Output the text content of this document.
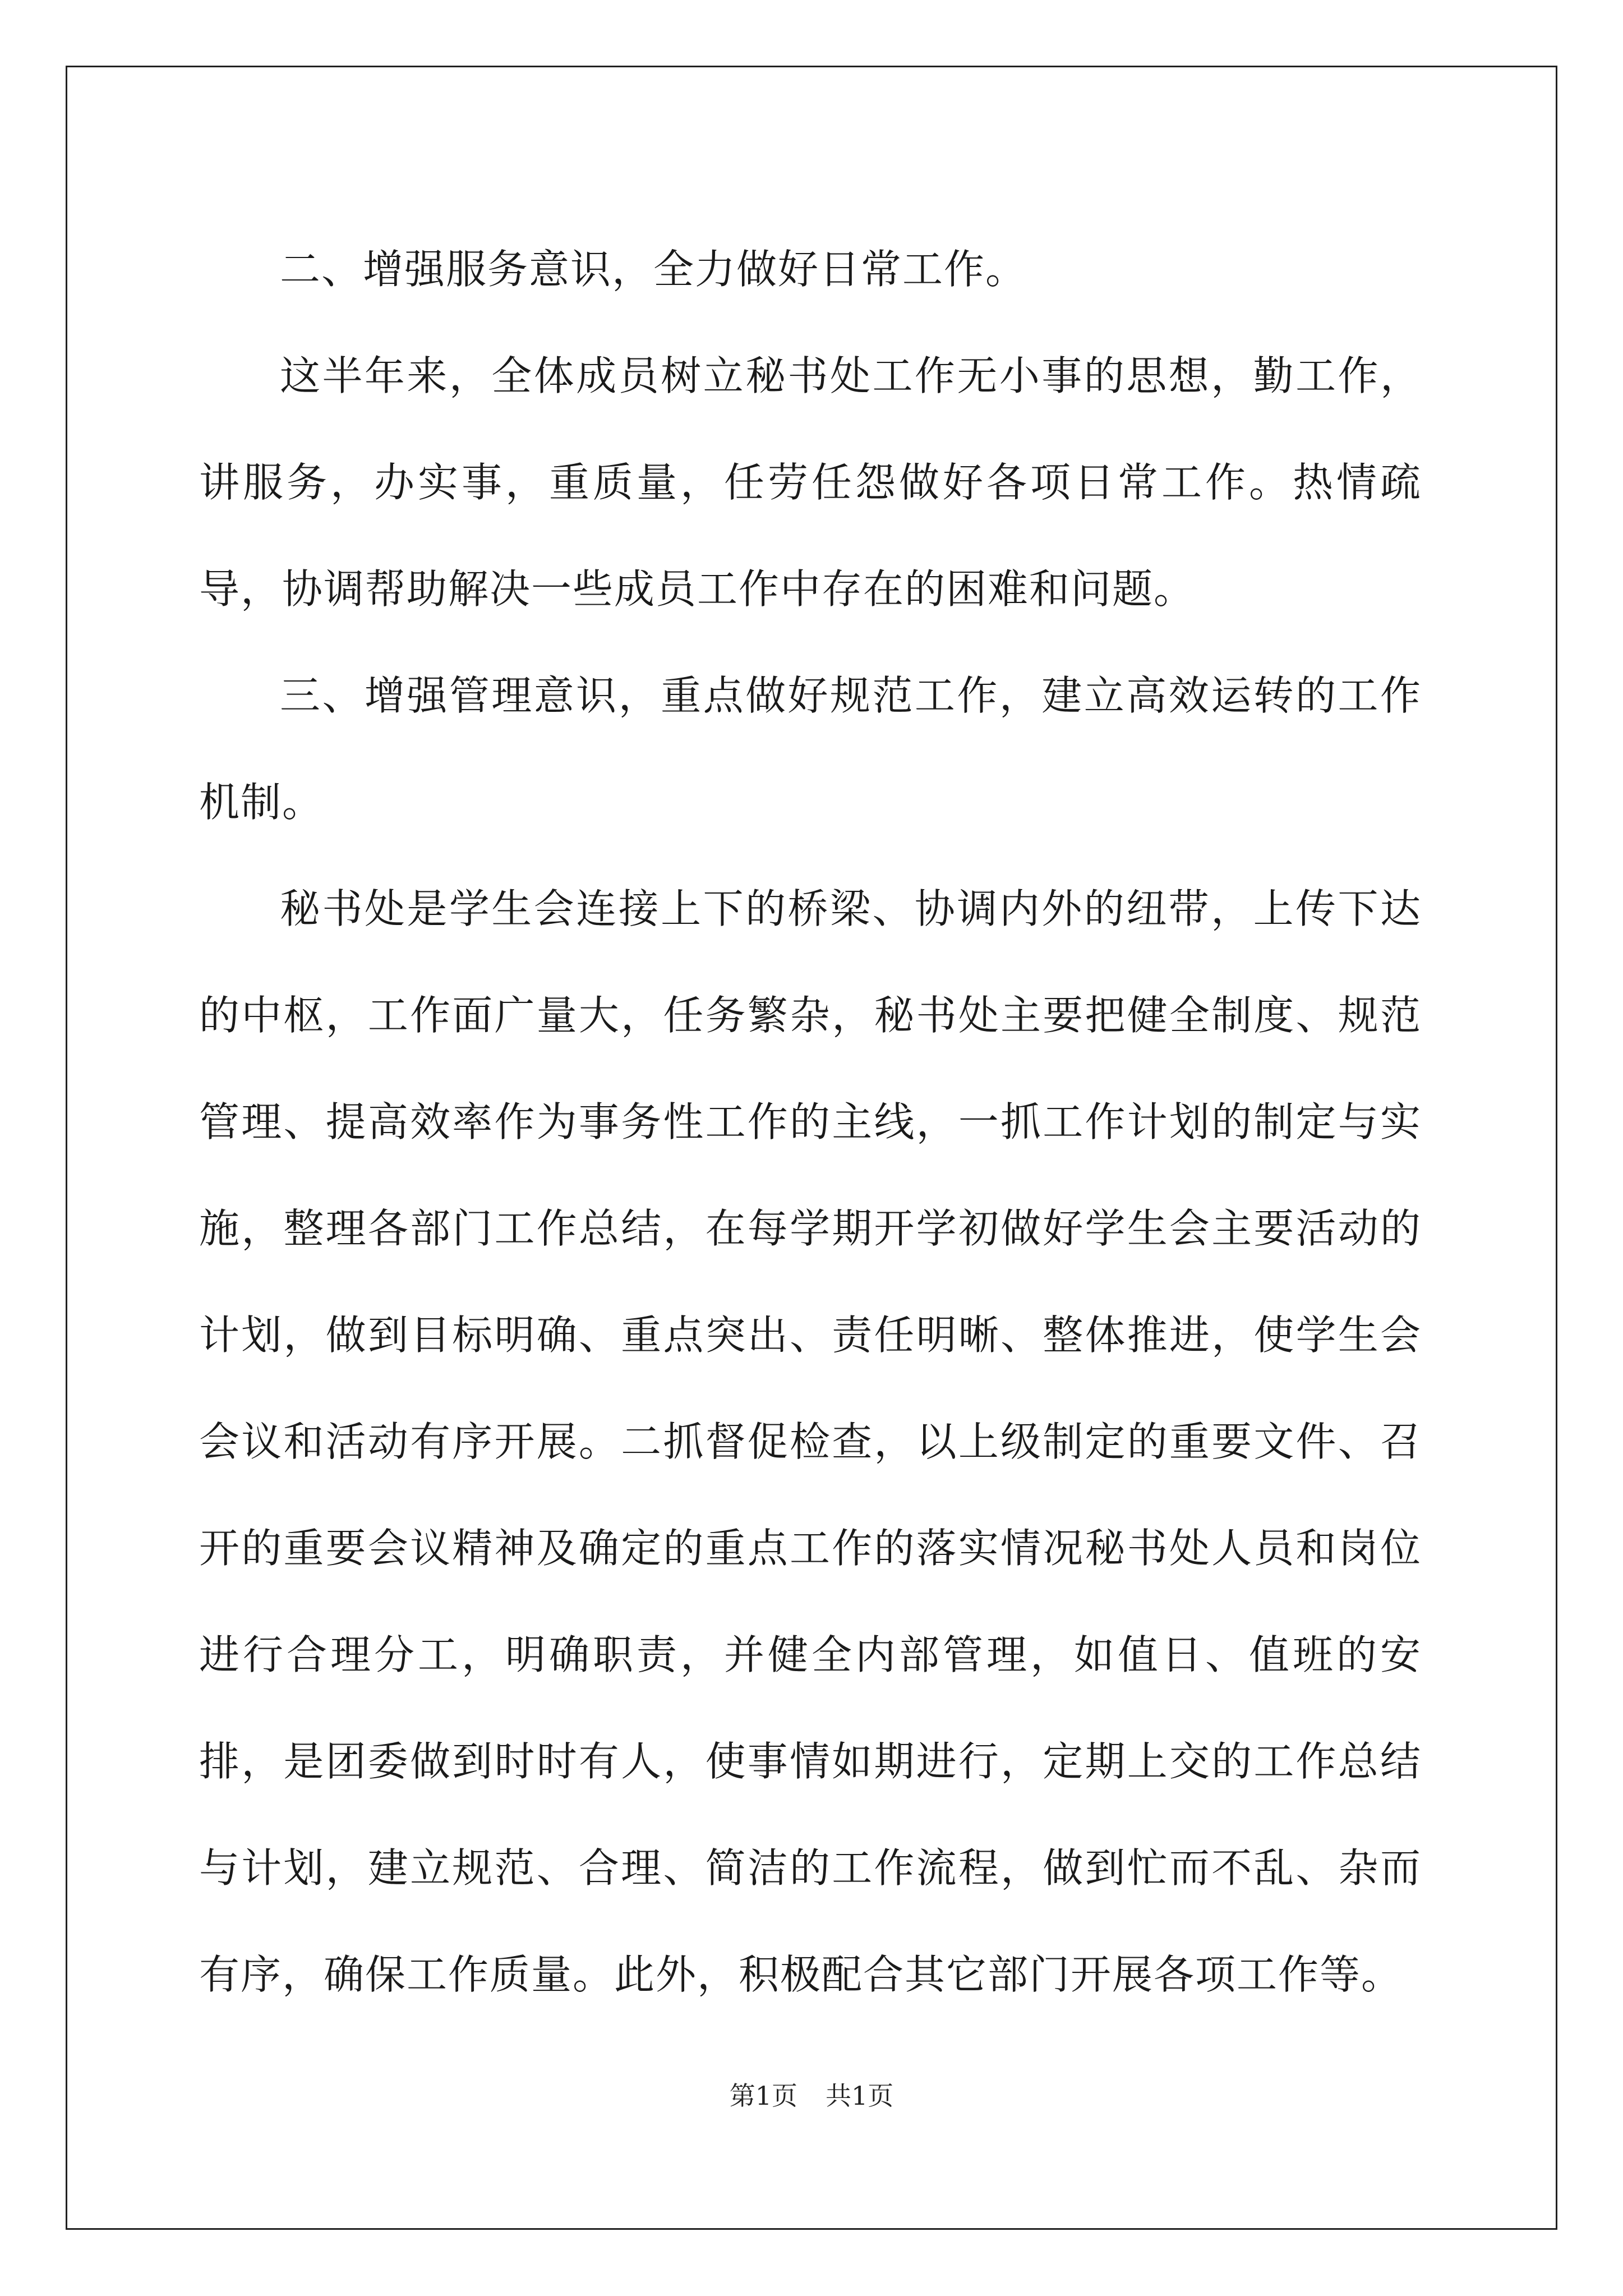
二、增强服务意识，全力做好日常工作。

这半年来，全体成员树立秘书处工作无小事的思想，勤工作，讲服务，办实事，重质量，任劳任怨做好各项日常工作。热情疏导，协调帮助解决一些成员工作中存在的困难和问题。

三、增强管理意识，重点做好规范工作，建立高效运转的工作机制。

秘书处是学生会连接上下的桥梁、协调内外的纽带，上传下达的中枢，工作面广量大，任务繁杂，秘书处主要把健全制度、规范管理、提高效率作为事务性工作的主线，一抓工作计划的制定与实施，整理各部门工作总结，在每学期开学初做好学生会主要活动的计划，做到目标明确、重点突出、责任明晰、整体推进，使学生会会议和活动有序开展。二抓督促检查，以上级制定的重要文件、召开的重要会议精神及确定的重点工作的落实情况秘书处人员和岗位进行合理分工，明确职责，并健全内部管理，如值日、值班的安排，是团委做到时时有人，使事情如期进行，定期上交的工作总结与计划，建立规范、合理、简洁的工作流程，做到忙而不乱、杂而有序，确保工作质量。此外，积极配合其它部门开展各项工作等。

第1页 共1页
